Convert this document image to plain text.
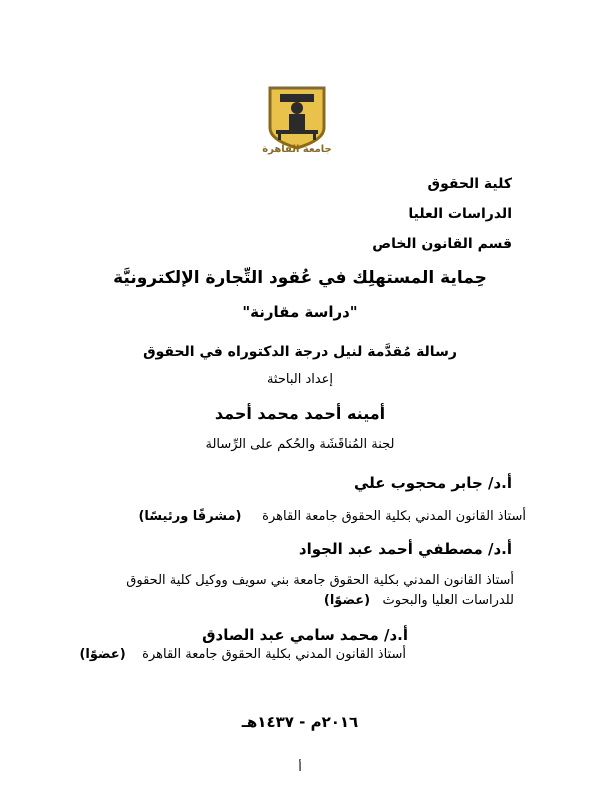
جامعة القاهرة
كلية الحقوق
الدراسات العليا
قسم القانون الخاص
حِماية المستهلِك في عُقود التِّجارة الإلكترونيَّة
"دراسة مقارنة"
رسالة مُقدَّمة لنيل درجة الدكتوراه في الحقوق
إعداد الباحثة
أمينه أحمد محمد أحمد
لجنة المُناقَشَة والحُكم على الرِّسالة
أ.د/ جابر محجوب علي
أستاذ القانون المدني بكلية الحقوق جامعة القاهرة     (مشرفًا ورئيسًا)
أ.د/ مصطفي أحمد عبد الجواد
أستاذ القانون المدني بكلية الحقوق جامعة بني سويف ووكيل كلية الحقوق
للدراسات العليا والبحوث   (عضوًا)
أ.د/ محمد سامي عبد الصادق
أستاذ القانون المدني بكلية الحقوق جامعة القاهرة    (عضوًا)
٢٠١٦م - ١٤٣٧هـ
أ
